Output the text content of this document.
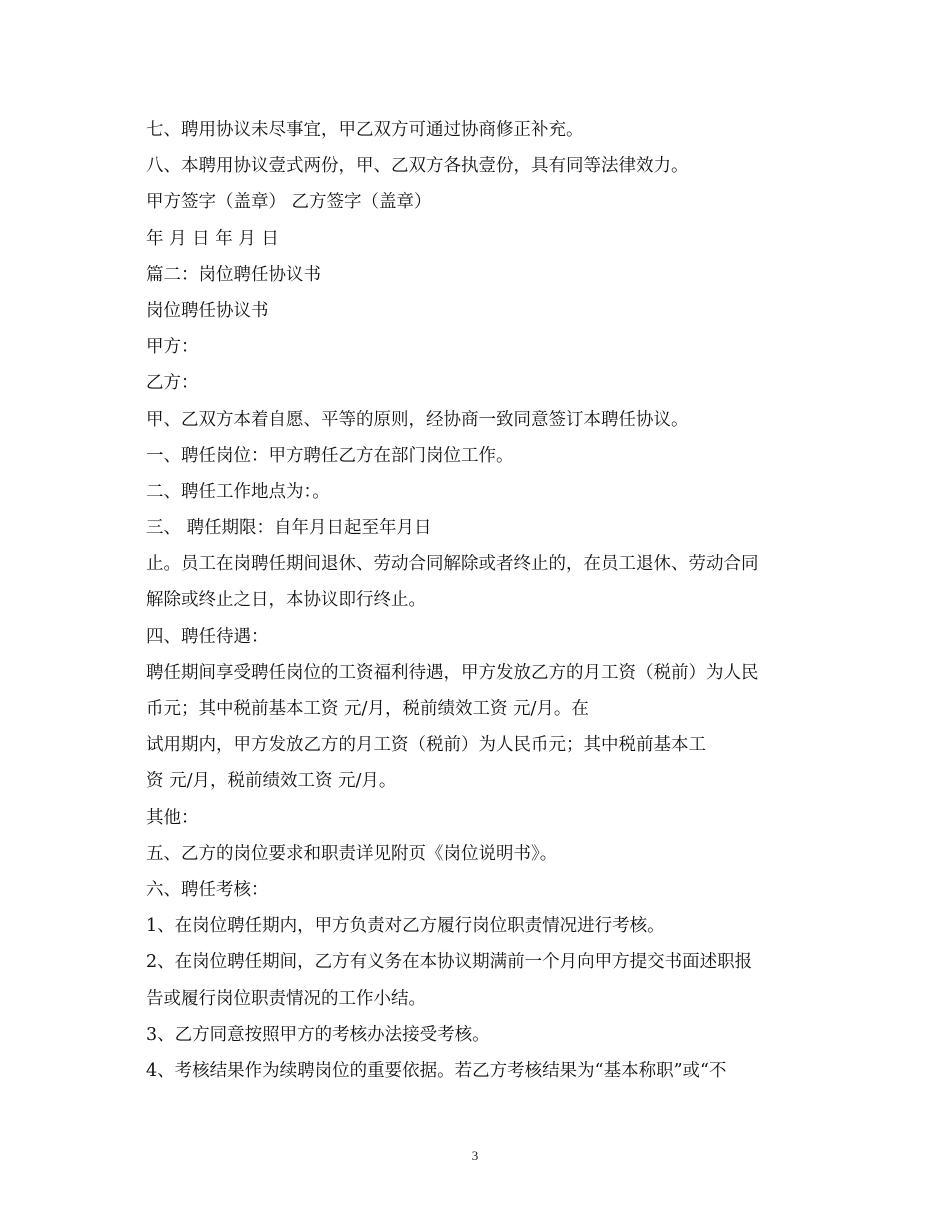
七、聘用协议未尽事宜，甲乙双方可通过协商修正补充。
八、本聘用协议壹式两份，甲、乙双方各执壹份，具有同等法律效力。
甲方签字（盖章） 乙方签字（盖章）
年 月 日 年 月 日
篇二：岗位聘任协议书
岗位聘任协议书
甲方：
乙方：
甲、乙双方本着自愿、平等的原则，经协商一致同意签订本聘任协议。
一、聘任岗位：甲方聘任乙方在部门岗位工作。
二、聘任工作地点为：。
三、 聘任期限：自年月日起至年月日
止。员工在岗聘任期间退休、劳动合同解除或者终止的，在员工退休、劳动合同
解除或终止之日，本协议即行终止。
四、聘任待遇：
聘任期间享受聘任岗位的工资福利待遇，甲方发放乙方的月工资（税前）为人民
币元；其中税前基本工资 元/月，税前绩效工资 元/月。在
试用期内，甲方发放乙方的月工资（税前）为人民币元；其中税前基本工
资 元/月，税前绩效工资 元/月。
其他：
五、乙方的岗位要求和职责详见附页《岗位说明书》。
六、聘任考核：
1、在岗位聘任期内，甲方负责对乙方履行岗位职责情况进行考核。
2、在岗位聘任期间，乙方有义务在本协议期满前一个月向甲方提交书面述职报
告或履行岗位职责情况的工作小结。
3、乙方同意按照甲方的考核办法接受考核。
4、考核结果作为续聘岗位的重要依据。若乙方考核结果为“基本称职”或“不
3
